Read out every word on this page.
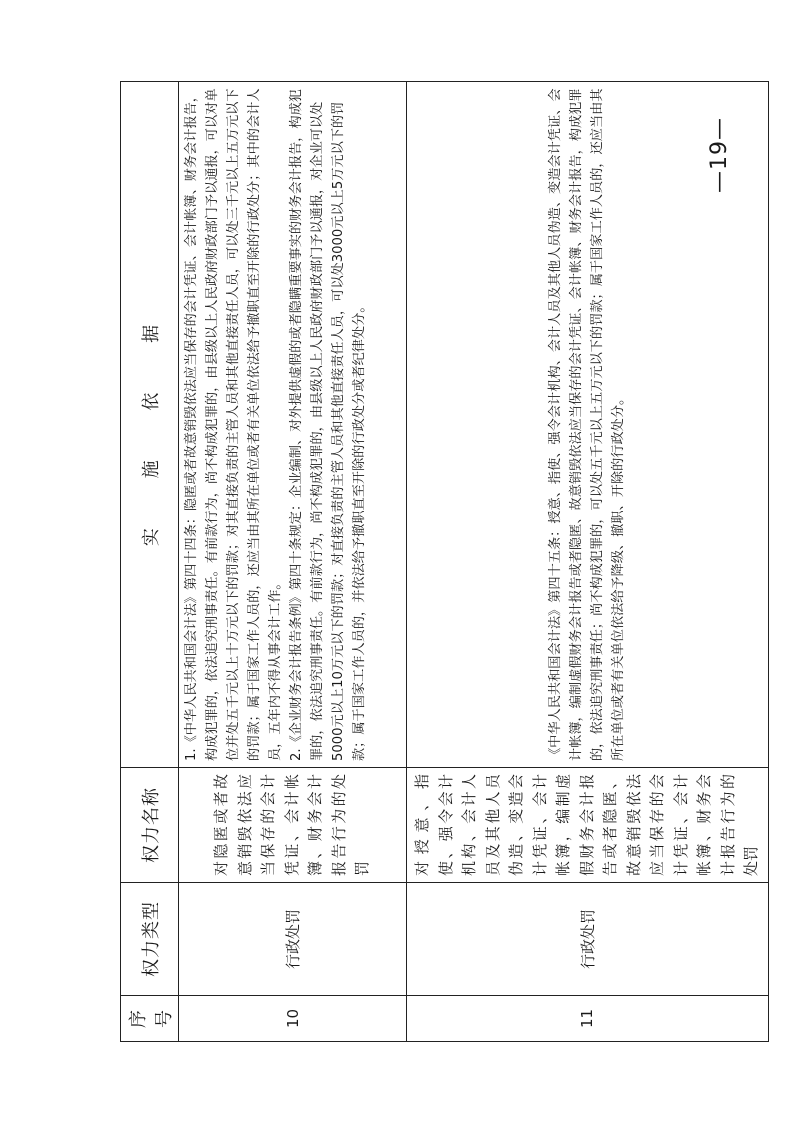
序号	权力类型	权力名称	实 施 依 据
10	行政处罚	对隐匿或者故意销毁依法应当保存的会计凭证、会计帐簿、财务会计报告行为的处罚	1.《中华人民共和国会计法》第四十四条：隐匿或者故意销毁依法应当保存的会计凭证、会计帐簿、财务会计报告，构成犯罪的，依法追究刑事责任。有前款行为，尚不构成犯罪的，由县级以上人民政府财政部门予以通报，可以对单位并处五千元以上十万元以下的罚款；对其直接负责的主管人员和其他直接责任人员，可以处三千元以上五万元以下的罚款；属于国家工作人员的，还应当由其所在单位或者有关单位依法给予撤职直至开除的行政处分；其中的会计人员，五年内不得从事会计工作。 2.《企业财务会计报告条例》第四十条规定：企业编制、对外提供虚假的或者隐瞒重要事实的财务会计报告，构成犯罪的，依法追究刑事责任。有前款行为，尚不构成犯罪的，由县级以上人民政府财政部门予以通报，对企业可以处5000元以上10万元以下的罚款；对直接负责的主管人员和其他直接责任人员，可以处3000元以上5万元以下的罚款；属于国家工作人员的，并依法给予撤职直至开除的行政处分或者纪律处分。

11	行政处罚	对授意、指使、强令会计机构、会计人员及其他人员伪造、变造会计凭证、会计帐簿，编制虚假财务会计报告或者隐匿、故意销毁依法应当保存的会计凭证、会计帐簿、财务会计报告行为的处罚	《中华人民共和国会计法》第四十五条：授意、指使、强令会计机构、会计人员及其他人员伪造、变造会计凭证、会计帐簿，编制虚假财务会计报告或者隐匿、故意销毁依法应当保存的会计凭证、会计帐簿、财务会计报告，构成犯罪的，依法追究刑事责任；尚不构成犯罪的，可以处五千元以上五万元以下的罚款；属于国家工作人员的，还应当由其所在单位或者有关单位依法给予降级、撤职、开除的行政处分。

—19—
